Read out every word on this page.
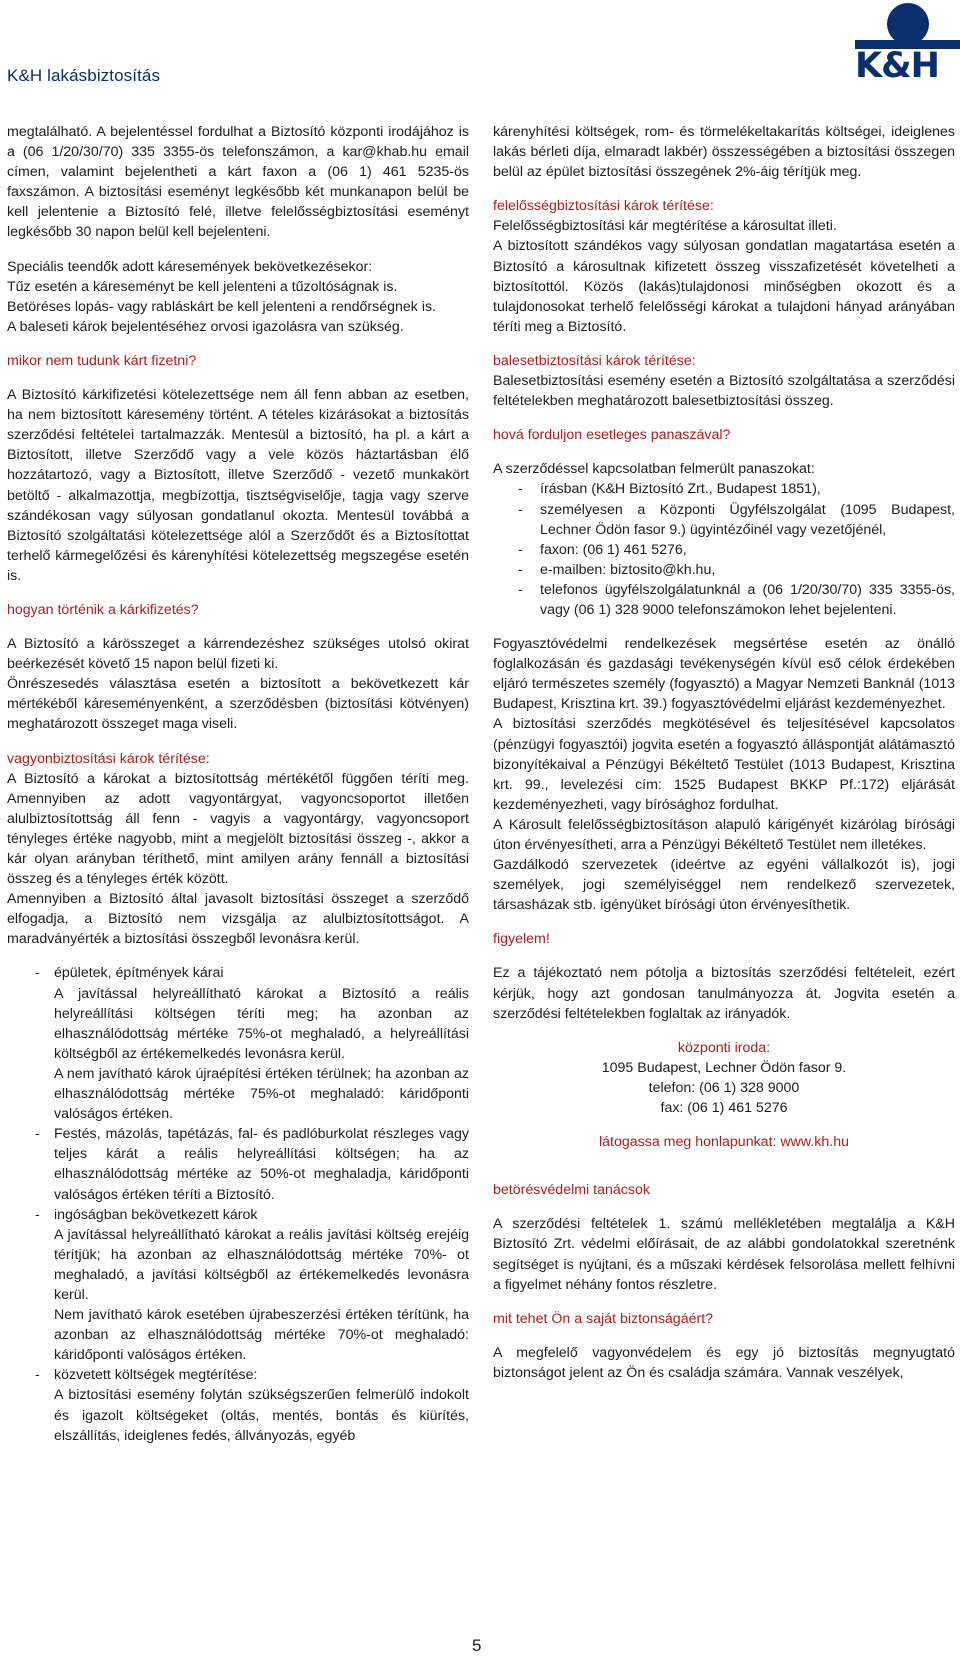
K&H lakásbiztosítás	K&H

megtalálható. A bejelentéssel fordulhat a Biztosító központi irodájához is a (06 1/20/30/70) 335 3355-ös telefonszámon, a kar@khab.hu email címen, valamint bejelentheti a kárt faxon a (06 1) 461 5235-ös faxszámon. A biztosítási eseményt legkésőbb két munkanapon belül be kell jelentenie a Biztosító felé, illetve felelősségbiztosítási eseményt legkésőbb 30 napon belül kell bejelenteni.

Speciális teendők adott káresemények bekövetkezésekor:

Tűz esetén a káreseményt be kell jelenteni a tűzoltóságnak is.

Betöréses lopás- vagy rabláskárt be kell jelenteni a rendőrségnek is.

A baleseti károk bejelentéséhez orvosi igazolásra van szükség.

mikor nem tudunk kárt fizetni?

A Biztosító kárkifizetési kötelezettsége nem áll fenn abban az esetben, ha nem biztosított káresemény történt. A tételes kizárásokat a biztosítás szerződési feltételei tartalmazzák. Mentesül a biztosító, ha pl. a kárt a Biztosított, illetve Szerződő vagy a vele közös háztartásban élő hozzátartozó, vagy a Biztosított, illetve Szerződő - vezető munkakört betöltő - alkalmazottja, megbízottja, tisztségviselője, tagja vagy szerve szándékosan vagy súlyosan gondatlanul okozta. Mentesül továbbá a Biztosító szolgáltatási kötelezettsége alól a Szerződőt és a Biztosítottat terhelő kármegelőzési és kárenyhítési kötelezettség megszegése esetén is.

hogyan történik a kárkifizetés?

A Biztosító a kárösszeget a kárrendezéshez szükséges utolsó okirat beérkezését követő 15 napon belül fizeti ki.

Önrészesedés választása esetén a biztosított a bekövetkezett kár mértékéből káreseményenként, a szerződésben (biztosítási kötvényen) meghatározott összeget maga viseli.

vagyonbiztosítási károk térítése:

A Biztosító a károkat a biztosítottság mértékétől függően téríti meg. Amennyiben az adott vagyontárgyat, vagyoncsoportot illetően alulbiztosítottság áll fenn - vagyis a vagyontárgy, vagyoncsoport tényleges értéke nagyobb, mint a megjelölt biztosítási összeg -, akkor a kár olyan arányban téríthető, mint amilyen arány fennáll a biztosítási összeg és a tényleges érték között.

Amennyiben a Biztosító által javasolt biztosítási összeget a szerződő elfogadja, a Biztosító nem vizsgálja az alulbiztosítottságot. A maradványérték a biztosítási összegből levonásra kerül.

- épületek, építmények kárai

A javítással helyreállítható károkat a Biztosító a reális helyreállítási költségen téríti meg; ha azonban az elhasználódottság mértéke 75%-ot meghaladó, a helyreállítási költségből az értékemelkedés levonásra kerül.

A nem javítható károk újraépítési értéken térülnek; ha azonban az elhasználódottság mértéke 75%-ot meghaladó: káridőponti valóságos értéken.

- Festés, mázolás, tapétázás, fal- és padlóburkolat részleges vagy teljes kárát a reális helyreállítási költségen; ha az elhasználódottság mértéke az 50%-ot meghaladja, káridőponti valóságos értéken téríti a Biztosító.

- ingóságban bekövetkezett károk

A javítással helyreállítható károkat a reális javítási költség erejéig térítjük; ha azonban az elhasználódottság mértéke 70%- ot meghaladó, a javítási költségből az értékemelkedés levonásra kerül.

Nem javítható károk esetében újrabeszerzési értéken térítünk, ha azonban az elhasználódottság mértéke 70%-ot meghaladó: káridőponti valóságos értéken.

- közvetett költségek megtérítése:

A biztosítási esemény folytán szükségszerűen felmerülő indokolt és igazolt költségeket (oltás, mentés, bontás és kiürítés, elszállítás, ideiglenes fedés, állványozás, egyéb

kárenyhítési költségek, rom- és törmelékeltakarítás költségei, ideiglenes lakás bérleti díja, elmaradt lakbér) összességében a biztosítási összegen belül az épület biztosítási összegének 2%-áig térítjük meg.

felelősségbiztosítási károk térítése:

Felelősségbiztosítási kár megtérítése a károsultat illeti.

A biztosított szándékos vagy súlyosan gondatlan magatartása esetén a Biztosító a károsultnak kifizetett összeg visszafizetését követelheti a biztosítottól. Közös (lakás)tulajdonosi minőségben okozott és a tulajdonosokat terhelő felelősségi károkat a tulajdoni hányad arányában téríti meg a Biztosító.

balesetbiztosítási károk térítése:

Balesetbiztosítási esemény esetén a Biztosító szolgáltatása a szerződési feltételekben meghatározott balesetbiztosítási összeg.

hová forduljon esetleges panaszával?

A szerződéssel kapcsolatban felmerült panaszokat:

- írásban (K&H Biztosító Zrt., Budapest 1851),
- személyesen a Központi Ügyfélszolgálat (1095 Budapest, Lechner Ödön fasor 9.) ügyintézőinél vagy vezetőjénél,
- faxon: (06 1) 461 5276,
- e-mailben: biztosito@kh.hu,
- telefonos ügyfélszolgálatunknál a (06 1/20/30/70) 335 3355-ös, vagy (06 1) 328 9000 telefonszámokon lehet bejelenteni.

Fogyasztóvédelmi rendelkezések megsértése esetén az önálló foglalkozásán és gazdasági tevékenységén kívül eső célok érdekében eljáró természetes személy (fogyasztó) a Magyar Nemzeti Banknál (1013 Budapest, Krisztina krt. 39.) fogyasztóvédelmi eljárást kezdeményezhet.

A biztosítási szerződés megkötésével és teljesítésével kapcsolatos (pénzügyi fogyasztói) jogvita esetén a fogyasztó álláspontját alátámasztó bizonyítékaival a Pénzügyi Békéltető Testület (1013 Budapest, Krisztina krt. 99., levelezési cím: 1525 Budapest BKKP Pf.:172) eljárását kezdeményezheti, vagy bírósághoz fordulhat.

A Károsult felelősségbiztosításon alapuló kárigényét kizárólag bírósági úton érvényesítheti, arra a Pénzügyi Békéltető Testület nem illetékes.

Gazdálkodó szervezetek (ideértve az egyéni vállalkozót is), jogi személyek, jogi személyiséggel nem rendelkező szervezetek, társasházak stb. igényüket bírósági úton érvényesíthetik.

figyelem!

Ez a tájékoztató nem pótolja a biztosítás szerződési feltételeit, ezért kérjük, hogy azt gondosan tanulmányozza át. Jogvita esetén a szerződési feltételekben foglaltak az irányadók.

központi iroda:

1095 Budapest, Lechner Ödön fasor 9.

telefon: (06 1) 328 9000

fax: (06 1) 461 5276

látogassa meg honlapunkat: www.kh.hu

betörésvédelmi tanácsok

A szerződési feltételek 1. számú mellékletében megtalálja a K&H Biztosító Zrt. védelmi előírásait, de az alábbi gondolatokkal szeretnénk segítséget is nyújtani, és a műszaki kérdések felsorolása mellett felhívni a figyelmet néhány fontos részletre.

mit tehet Ön a saját biztonságáért?

A megfelelő vagyonvédelem és egy jó biztosítás megnyugtató biztonságot jelent az Ön és családja számára. Vannak veszélyek,

5
